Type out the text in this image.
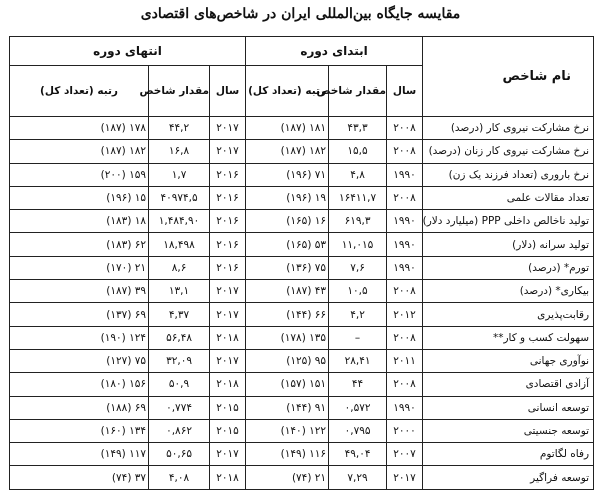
مقایسه جایگاه بین‌المللی ایران در شاخص‌های اقتصادی
نام شاخص	ابتدای دوره			انتهای دوره		
	سال	مقدار شاخص	رتبه (تعداد کل)	سال	مقدار شاخص	رتبه (تعداد کل)
نرخ مشارکت نیروی کار (درصد)	۲۰۰۸	۴۳,۳	۱۸۱ (۱۸۷)	۲۰۱۷	۴۴,۲	۱۷۸ (۱۸۷)
نرخ مشارکت نیروی کار زنان (درصد)	۲۰۰۸	۱۵,۵	۱۸۲ (۱۸۷)	۲۰۱۷	۱۶,۸	۱۸۲ (۱۸۷)
نرخ باروری (تعداد فرزند یک زن)	۱۹۹۰	۴,۸	۷۱ (۱۹۶)	۲۰۱۶	۱,۷	۱۵۹ (۲۰۰)
تعداد مقالات علمی	۲۰۰۸	۱۶۴۱۱,۷	۱۹ (۱۹۶)	۲۰۱۶	۴۰۹۷۴,۵	۱۵ (۱۹۶)
تولید ناخالص داخلی PPP (میلیارد دلار)	۱۹۹۰	۶۱۹,۳	۱۶ (۱۶۵)	۲۰۱۶	۱,۴۸۴,۹۰	۱۸ (۱۸۳)
تولید سرانه (دلار)	۱۹۹۰	۱۱,۰۱۵	۵۳ (۱۶۵)	۲۰۱۶	۱۸,۴۹۸	۶۲ (۱۸۳)
تورم* (درصد)	۱۹۹۰	۷,۶	۷۵ (۱۳۶)	۲۰۱۶	۸,۶	۲۱ (۱۷۰)
بیکاری* (درصد)	۲۰۰۸	۱۰,۵	۴۳ (۱۸۷)	۲۰۱۷	۱۳,۱	۳۹ (۱۸۷)
رقابت‌پذیری	۲۰۱۲	۴,۲	۶۶ (۱۴۴)	۲۰۱۷	۴,۳۷	۶۹ (۱۳۷)
سهولت کسب و کار**	۲۰۰۸	–	۱۳۵ (۱۷۸)	۲۰۱۸	۵۶,۴۸	۱۲۴ (۱۹۰)
نوآوری جهانی	۲۰۱۱	۲۸,۴۱	۹۵ (۱۲۵)	۲۰۱۷	۳۲,۰۹	۷۵ (۱۲۷)
آزادی اقتصادی	۲۰۰۸	۴۴	۱۵۱ (۱۵۷)	۲۰۱۸	۵۰,۹	۱۵۶ (۱۸۰)
توسعه انسانی	۱۹۹۰	۰,۵۷۲	۹۱ (۱۴۴)	۲۰۱۵	۰,۷۷۴	۶۹ (۱۸۸)
توسعه جنسیتی	۲۰۰۰	۰,۷۹۵	۱۲۲ (۱۴۰)	۲۰۱۵	۰,۸۶۲	۱۳۴ (۱۶۰)
رفاه لگاتوم	۲۰۰۷	۴۹,۰۴	۱۱۶ (۱۴۹)	۲۰۱۷	۵۰,۶۵	۱۱۷ (۱۴۹)
توسعه فراگیر	۲۰۱۷	۷,۲۹	۲۱ (۷۴)	۲۰۱۸	۴,۰۸	۳۷ (۷۴)
